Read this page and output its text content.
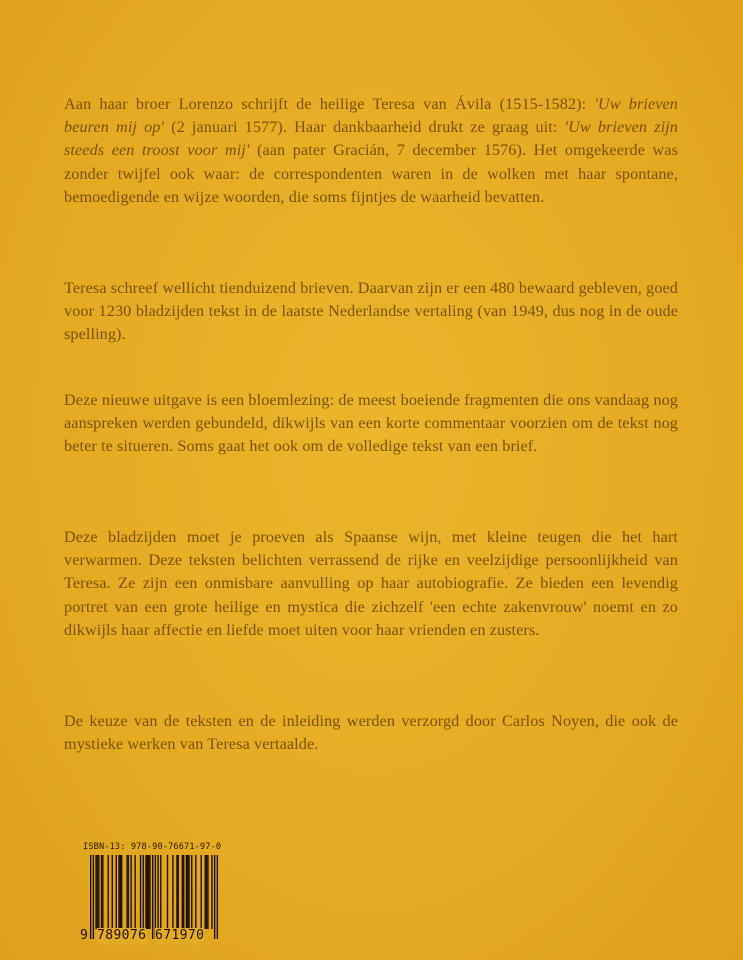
Aan haar broer Lorenzo schrijft de heilige Teresa van Ávila (1515-1582): 'Uw brieven beuren mij op' (2 januari 1577). Haar dankbaarheid drukt ze graag uit: 'Uw brieven zijn steeds een troost voor mij' (aan pater Gracián, 7 december 1576). Het omgekeerde was zonder twijfel ook waar: de correspondenten waren in de wolken met haar spontane, bemoedigende en wijze woorden, die soms fijntjes de waarheid bevatten.
Teresa schreef wellicht tienduizend brieven. Daarvan zijn er een 480 bewaard gebleven, goed voor 1230 bladzijden tekst in de laatste Nederlandse vertaling (van 1949, dus nog in de oude spelling).
Deze nieuwe uitgave is een bloemlezing: de meest boeiende fragmenten die ons vandaag nog aanspreken werden gebundeld, dikwijls van een korte commentaar voorzien om de tekst nog beter te situeren. Soms gaat het ook om de volledige tekst van een brief.
Deze bladzijden moet je proeven als Spaanse wijn, met kleine teugen die het hart verwarmen. Deze teksten belichten verrassend de rijke en veelzijdige persoonlijkheid van Teresa. Ze zijn een onmisbare aanvulling op haar autobiografie. Ze bieden een levendig portret van een grote heilige en mystica die zichzelf 'een echte zakenvrouw' noemt en zo dikwijls haar affectie en liefde moet uiten voor haar vrienden en zusters.
De keuze van de teksten en de inleiding werden verzorgd door Carlos Noyen, die ook de mystieke werken van Teresa vertaalde.
ISBN-13: 978-90-76671-97-0
9 789076 671970
